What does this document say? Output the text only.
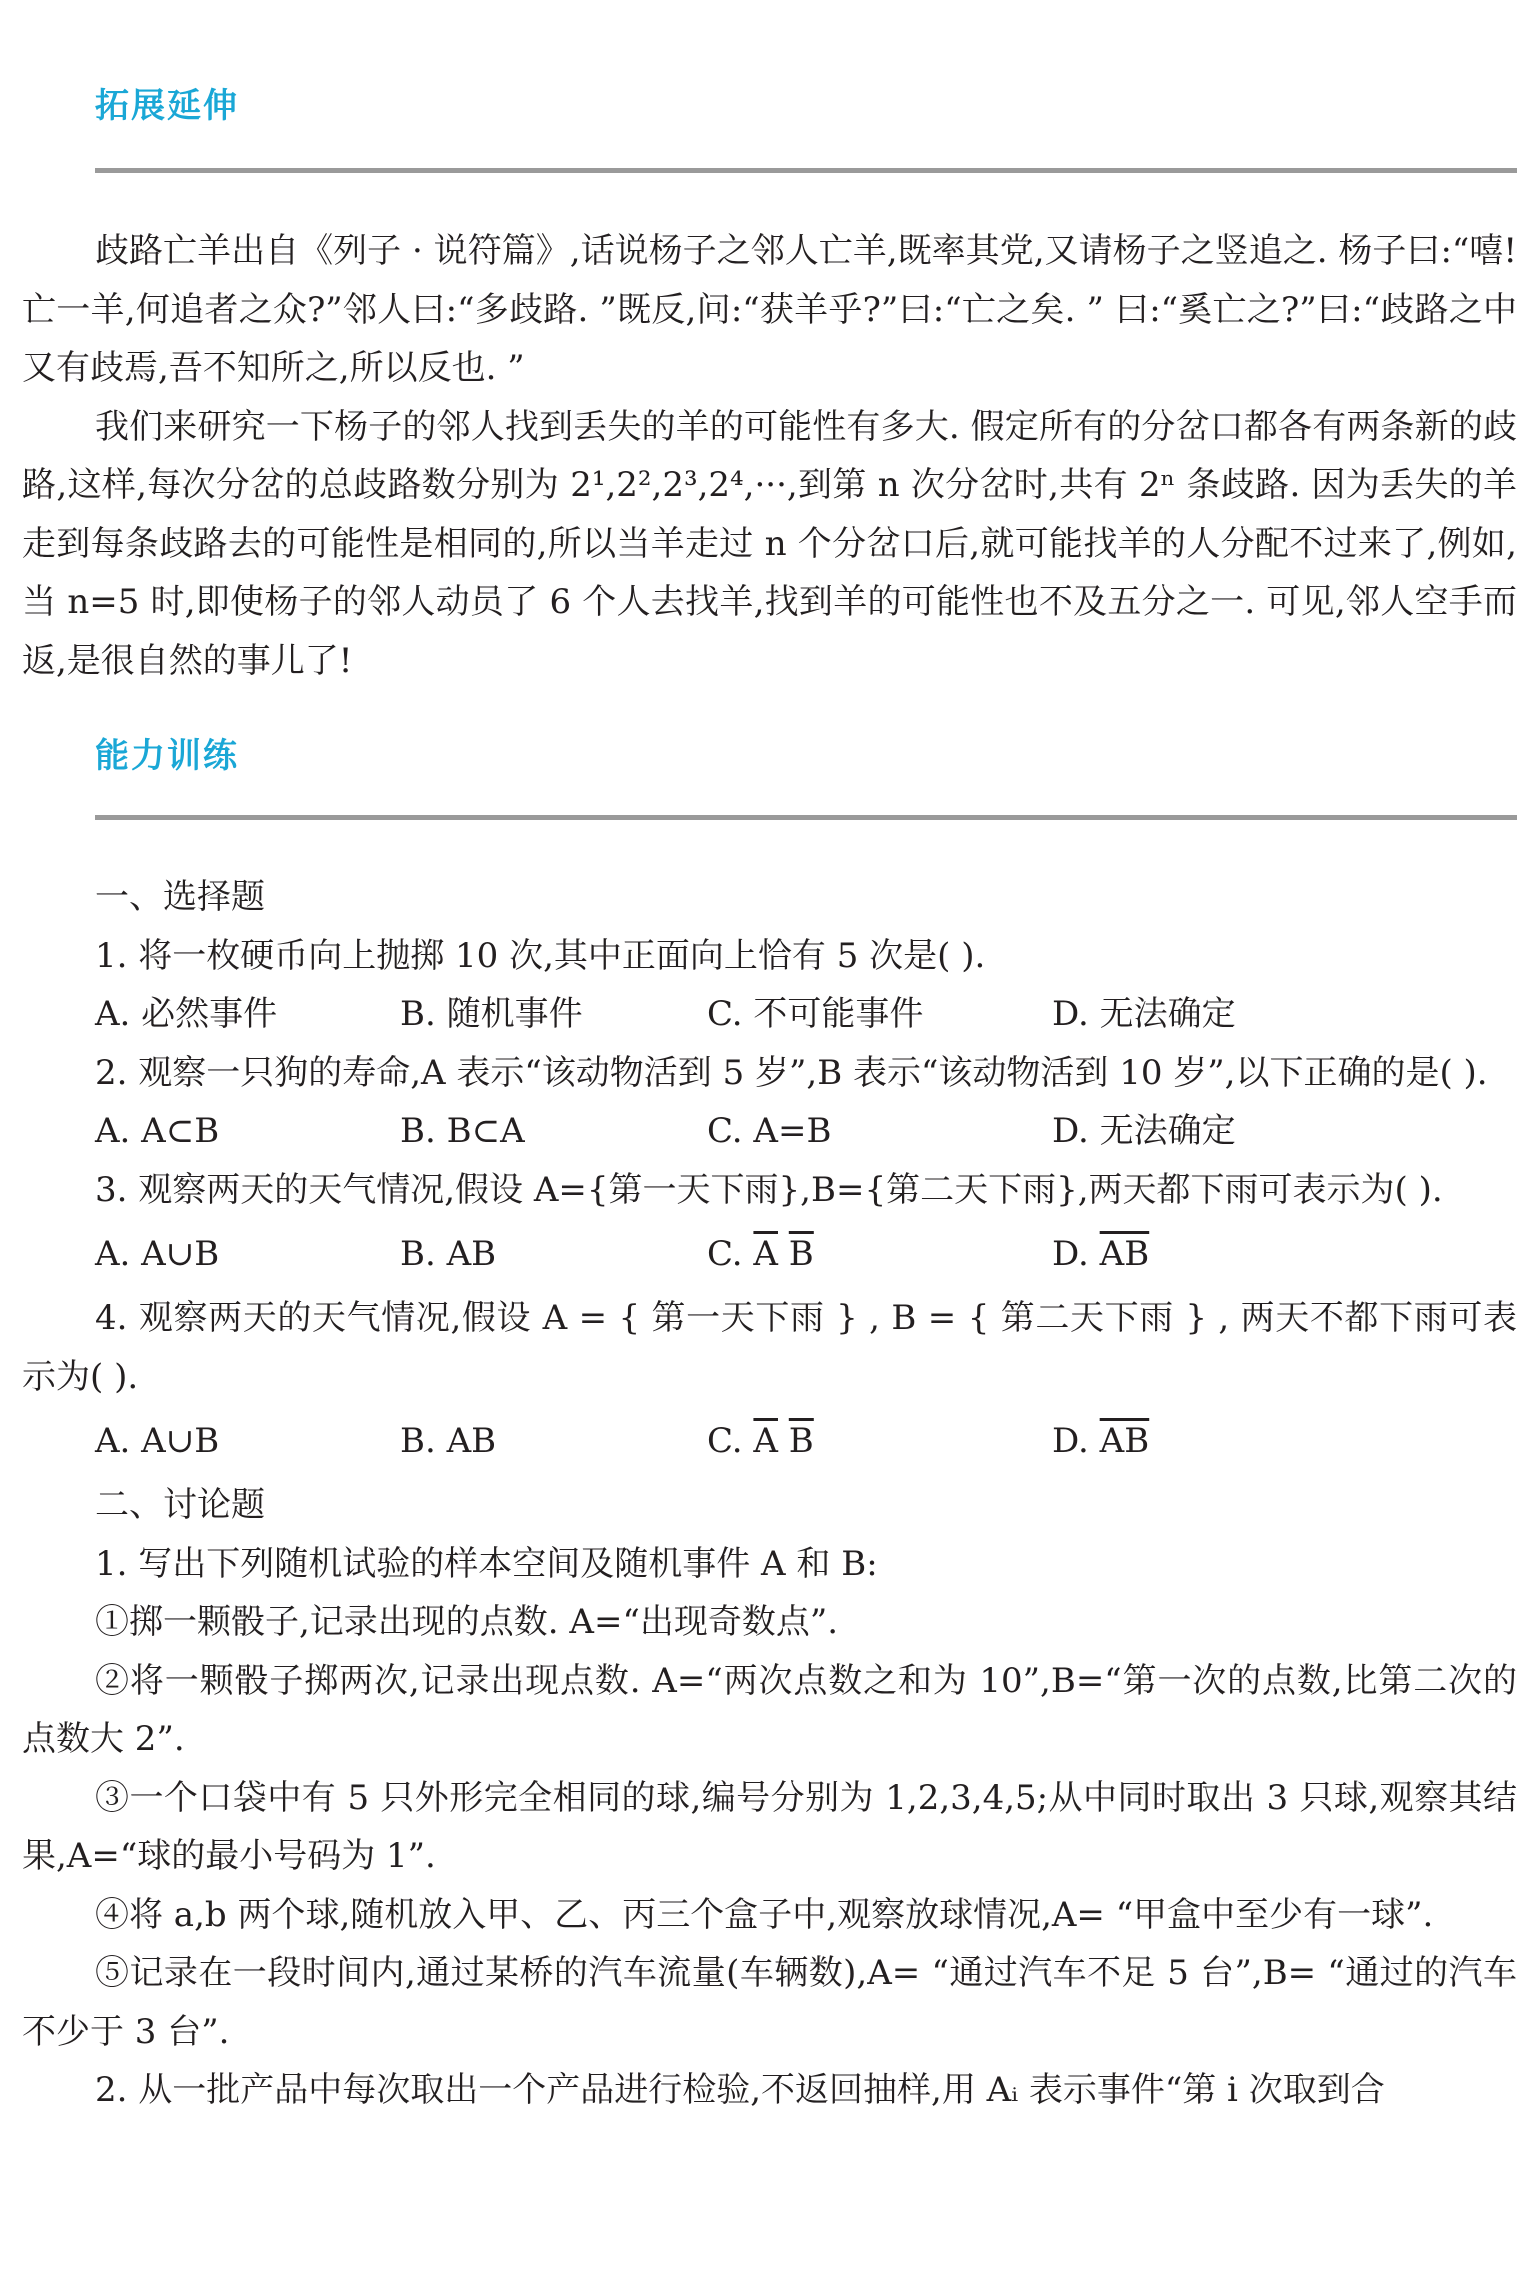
拓展延伸

歧路亡羊出自《列子 · 说符篇》,话说杨子之邻人亡羊,既率其党,又请杨子之竖追之. 杨子曰:“嘻! 亡一羊,何追者之众?”邻人曰:“多歧路. ”既反,问:“获羊乎?”曰:“亡之矣. ” 曰:“奚亡之?”曰:“歧路之中又有歧焉,吾不知所之,所以反也. ”

我们来研究一下杨子的邻人找到丢失的羊的可能性有多大. 假定所有的分岔口都各有两条新的歧路,这样,每次分岔的总歧路数分别为 2¹,2²,2³,2⁴,···,到第 n 次分岔时,共有 2ⁿ 条歧路. 因为丢失的羊走到每条歧路去的可能性是相同的,所以当羊走过 n 个分岔口后,就可能找羊的人分配不过来了,例如,当 n=5 时,即使杨子的邻人动员了 6 个人去找羊,找到羊的可能性也不及五分之一. 可见,邻人空手而返,是很自然的事儿了!

能力训练

一、选择题

1. 将一枚硬币向上抛掷 10 次,其中正面向上恰有 5 次是( ).

A. 必然事件	B. 随机事件	C. 不可能事件	D. 无法确定

2. 观察一只狗的寿命,A 表示“该动物活到 5 岁”,B 表示“该动物活到 10 岁”,以下正确的是( ).

A. A⊂B	B. B⊂A	C. A=B	D. 无法确定

3. 观察两天的天气情况,假设 A={第一天下雨},B={第二天下雨},两天都下雨可表示为( ).

A. A∪B	B. AB	C. $\overline{A}$ $\overline{B}$	D. $\overline{AB}$

4. 观察两天的天气情况,假设 A = { 第一天下雨 } , B = { 第二天下雨 } , 两天不都下雨可表示为( ).

A. A∪B	B. AB	C. $\overline{A}$ $\overline{B}$	D. $\overline{AB}$

二、讨论题

1. 写出下列随机试验的样本空间及随机事件 A 和 B:

①掷一颗骰子,记录出现的点数. A=“出现奇数点”.

②将一颗骰子掷两次,记录出现点数. A=“两次点数之和为 10”,B=“第一次的点数,比第二次的点数大 2”.

③一个口袋中有 5 只外形完全相同的球,编号分别为 1,2,3,4,5;从中同时取出 3 只球,观察其结果,A=“球的最小号码为 1”.

④将 a,b 两个球,随机放入甲、乙、丙三个盒子中,观察放球情况,A= “甲盒中至少有一球”.

⑤记录在一段时间内,通过某桥的汽车流量(车辆数),A= “通过汽车不足 5 台”,B= “通过的汽车不少于 3 台”.

2. 从一批产品中每次取出一个产品进行检验,不返回抽样,用 Aᵢ 表示事件“第 i 次取到合
